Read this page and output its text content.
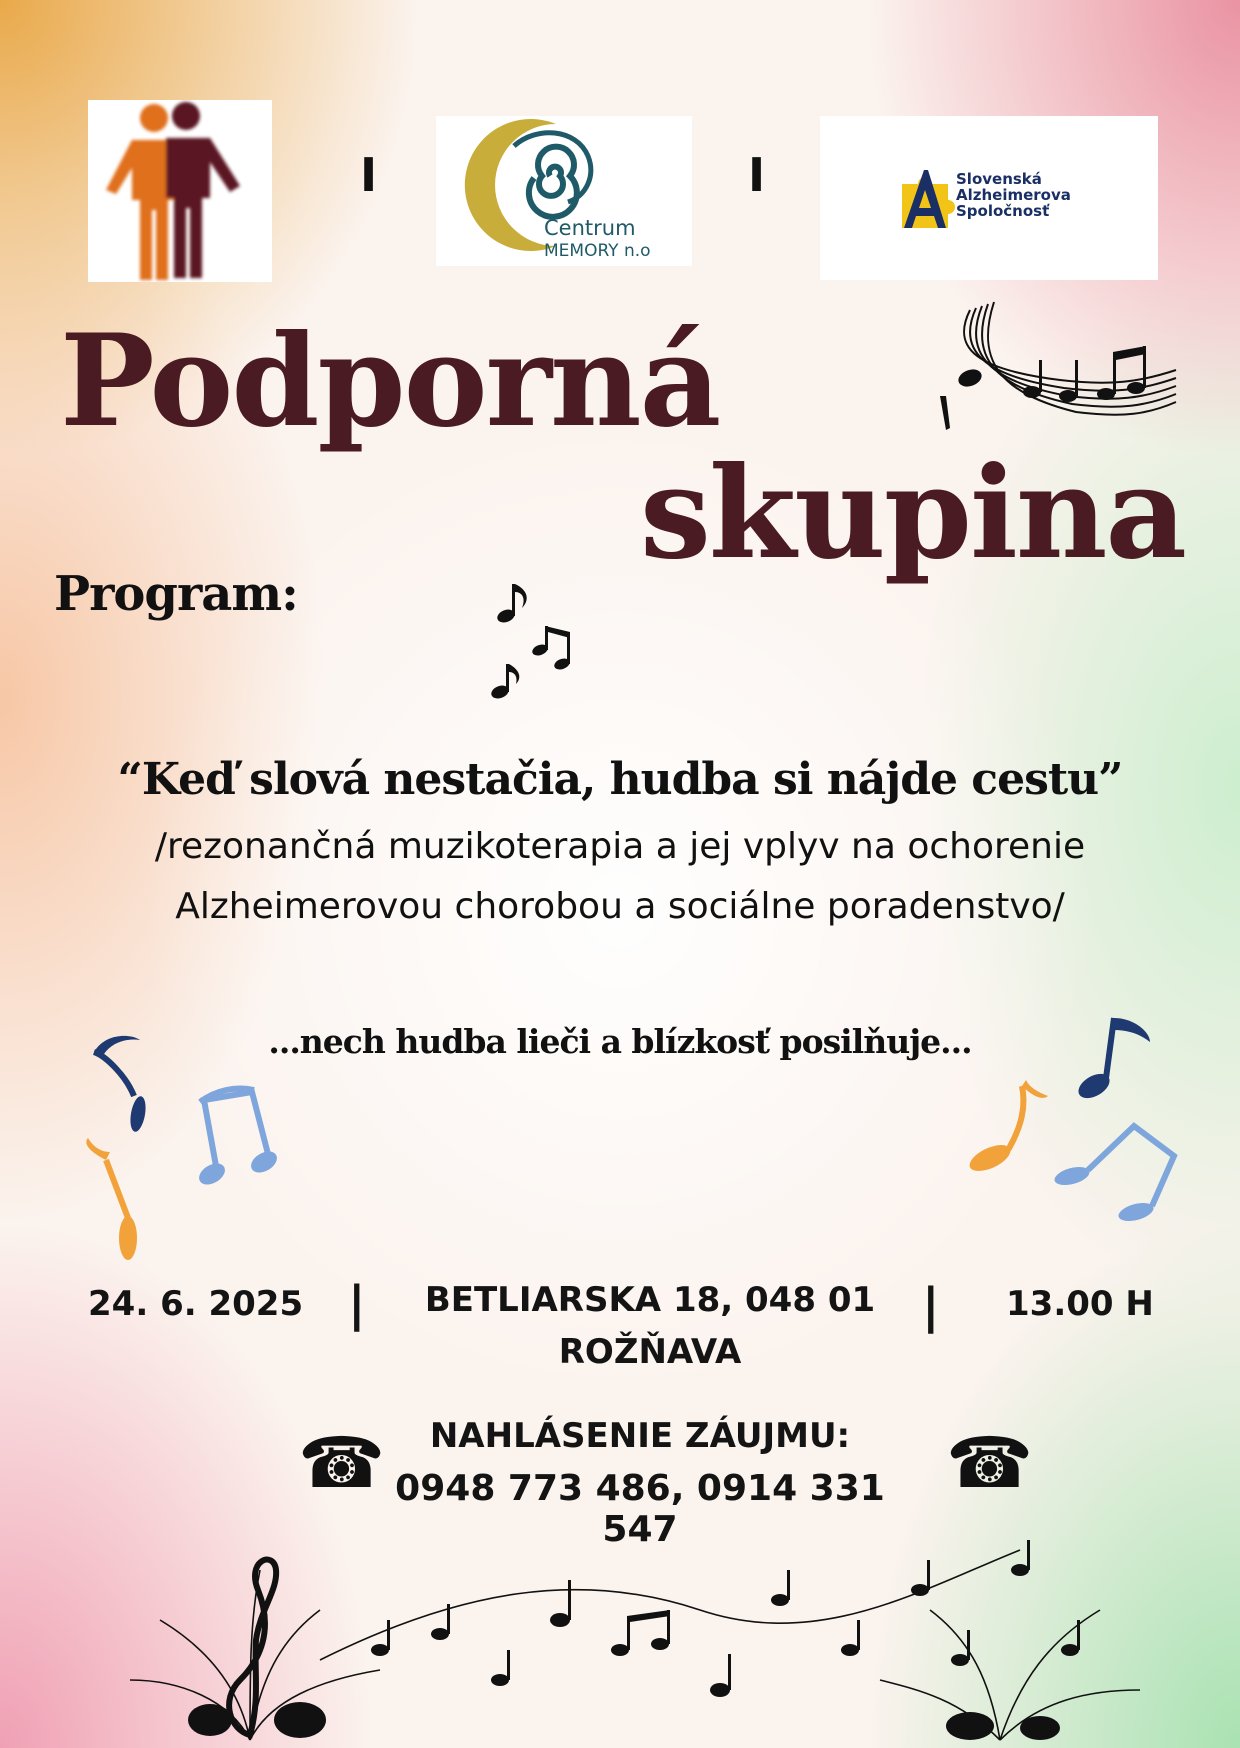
I
Centrum
MEMORY n.o
I	Slovenská
Alzheimerova
Spoločnosť
Podporná
skupina
Program:
“Keď slová nestačia, hudba si nájde cestu”
/rezonančná muzikoterapia a jej vplyv na ochorenie
Alzheimerovou chorobou a sociálne poradenstvo/
...nech hudba lieči a blízkosť posilňuje...
24. 6. 2025 | BETLIARSKA 18, 048 01
ROŽŇAVA
| 13.00 H
NAHLÁSENIE ZÁUJMU:
0948 773 486, 0914 331 547
☎	☎
